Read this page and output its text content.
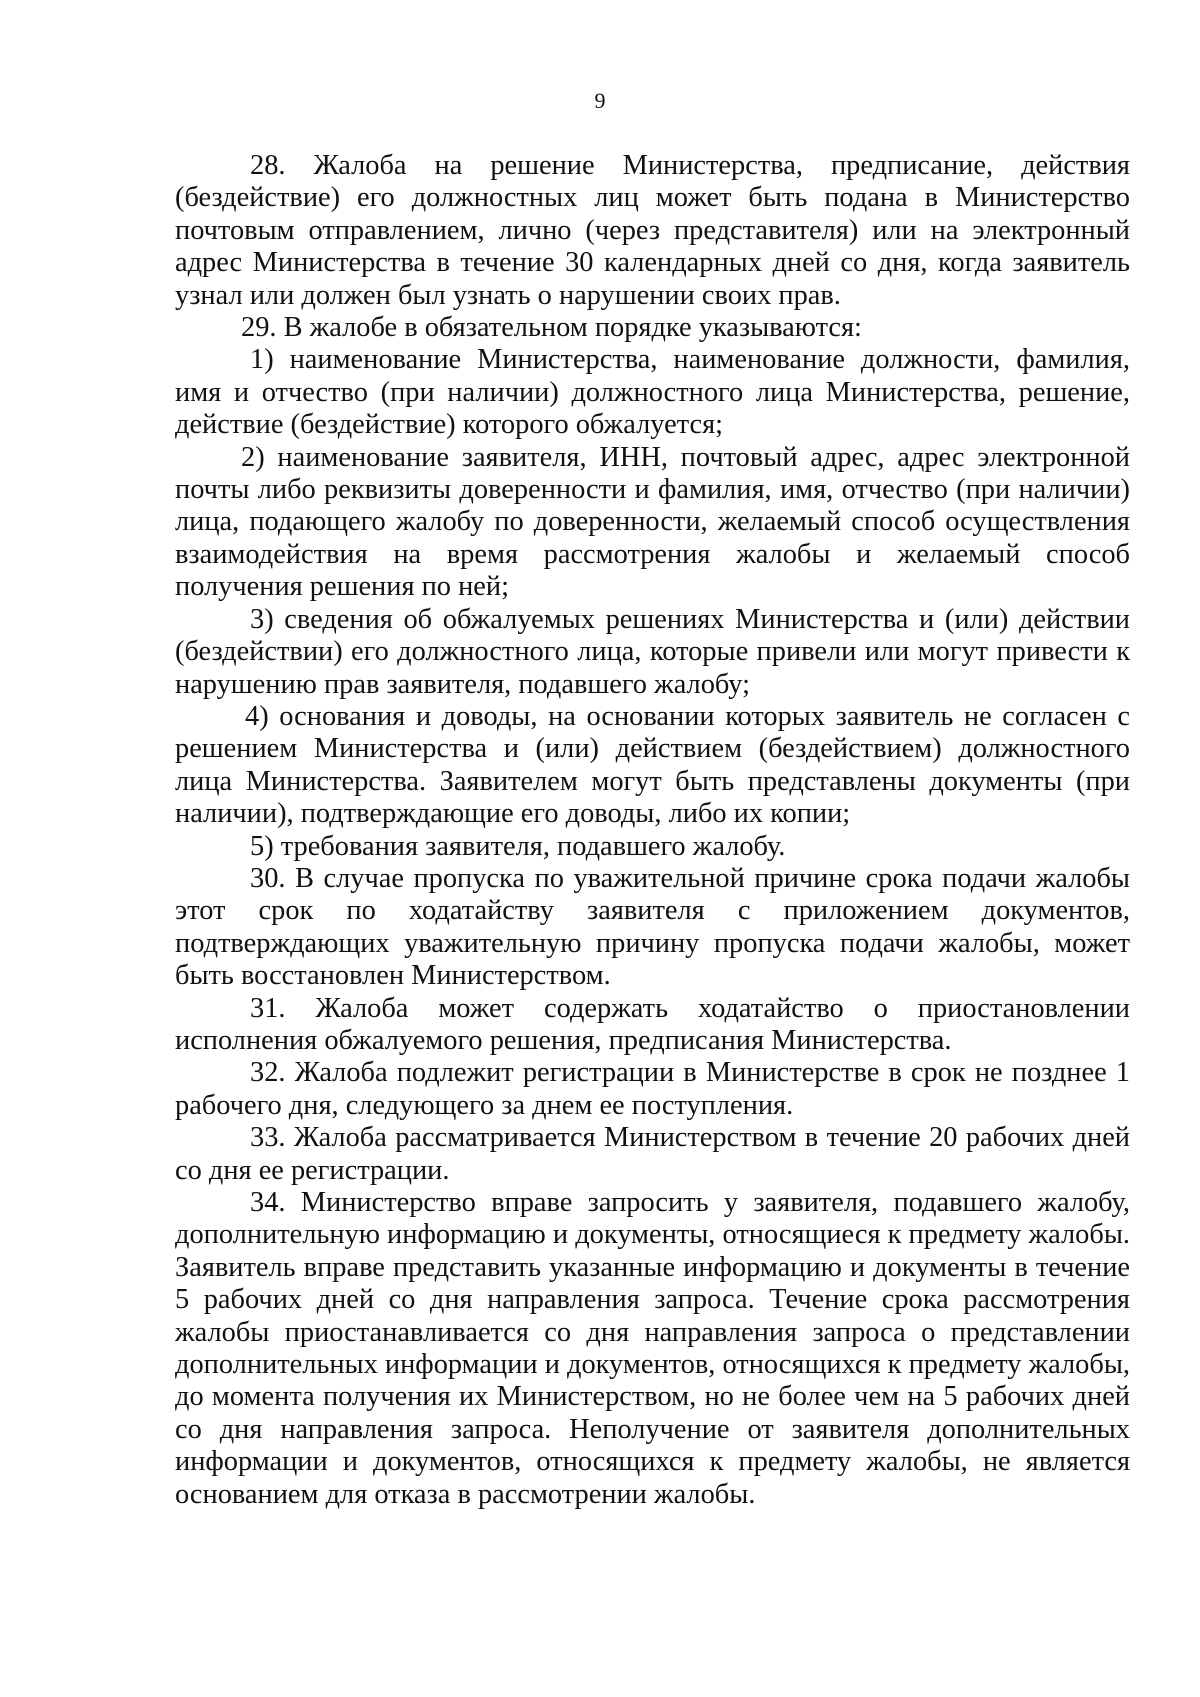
9

28. Жалоба на решение Министерства, предписание, действия (бездействие) его должностных лиц может быть подана в Министерство почтовым отправлением, лично (через представителя) или на электронный адрес Министерства в течение 30 календарных дней со дня, когда заявитель узнал или должен был узнать о нарушении своих прав.

29. В жалобе в обязательном порядке указываются:

1) наименование Министерства, наименование должности, фамилия, имя и отчество (при наличии) должностного лица Министерства, решение, действие (бездействие) которого обжалуется;

2) наименование заявителя, ИНН, почтовый адрес, адрес электронной почты либо реквизиты доверенности и фамилия, имя, отчество (при наличии) лица, подающего жалобу по доверенности, желаемый способ осуществления взаимодействия на время рассмотрения жалобы и желаемый способ получения решения по ней;

3) сведения об обжалуемых решениях Министерства и (или) действии (бездействии) его должностного лица, которые привели или могут привести к нарушению прав заявителя, подавшего жалобу;

4) основания и доводы, на основании которых заявитель не согласен с решением Министерства и (или) действием (бездействием) должностного лица Министерства. Заявителем могут быть представлены документы (при наличии), подтверждающие его доводы, либо их копии;

5) требования заявителя, подавшего жалобу.

30. В случае пропуска по уважительной причине срока подачи жалобы этот срок по ходатайству заявителя с приложением документов, подтверждающих уважительную причину пропуска подачи жалобы, может быть восстановлен Министерством.

31. Жалоба может содержать ходатайство о приостановлении исполнения обжалуемого решения, предписания Министерства.

32. Жалоба подлежит регистрации в Министерстве в срок не позднее 1 рабочего дня, следующего за днем ее поступления.

33. Жалоба рассматривается Министерством в течение 20 рабочих дней со дня ее регистрации.

34. Министерство вправе запросить у заявителя, подавшего жалобу, дополнительную информацию и документы, относящиеся к предмету жалобы. Заявитель вправе представить указанные информацию и документы в течение 5 рабочих дней со дня направления запроса. Течение срока рассмотрения жалобы приостанавливается со дня направления запроса о представлении дополнительных информации и документов, относящихся к предмету жалобы, до момента получения их Министерством, но не более чем на 5 рабочих дней со дня направления запроса. Неполучение от заявителя дополнительных информации и документов, относящихся к предмету жалобы, не является основанием для отказа в рассмотрении жалобы.
